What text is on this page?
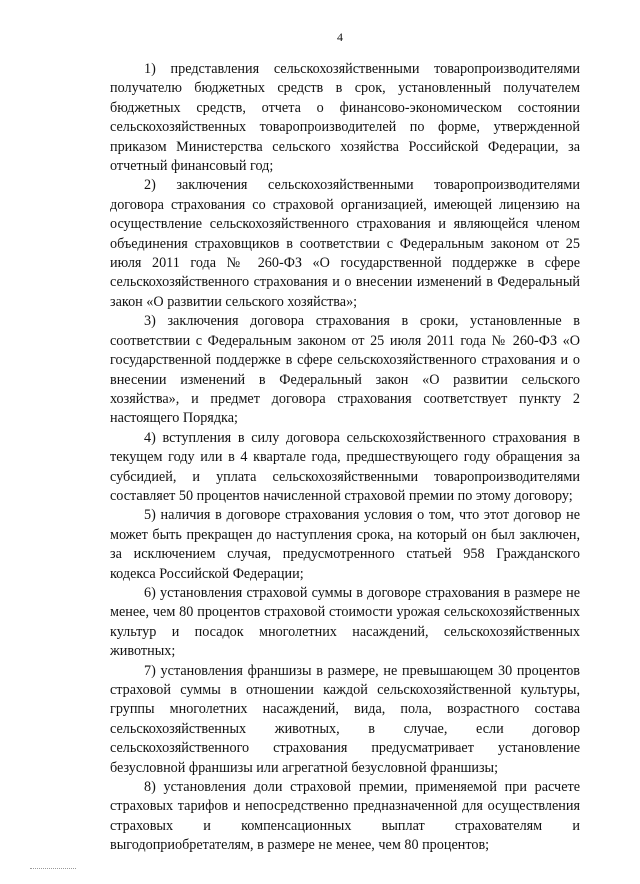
4

1) представления сельскохозяйственными товаропроизводителями получателю бюджетных средств в срок, установленный получателем бюджетных средств, отчета о финансово-экономическом состоянии сельскохозяйственных товаропроизводителей по форме, утвержденной приказом Министерства сельского хозяйства Российской Федерации, за отчетный финансовый год;

2) заключения сельскохозяйственными товаропроизводителями договора страхования со страховой организацией, имеющей лицензию на осуществление сельскохозяйственного страхования и являющейся членом объединения страховщиков в соответствии с Федеральным законом от 25 июля 2011 года № 260-ФЗ «О государственной поддержке в сфере сельскохозяйственного страхования и о внесении изменений в Федеральный закон «О развитии сельского хозяйства»;

3) заключения договора страхования в сроки, установленные в соответствии с Федеральным законом от 25 июля 2011 года № 260-ФЗ «О государственной поддержке в сфере сельскохозяйственного страхования и о внесении изменений в Федеральный закон «О развитии сельского хозяйства», и предмет договора страхования соответствует пункту 2 настоящего Порядка;

4) вступления в силу договора сельскохозяйственного страхования в текущем году или в 4 квартале года, предшествующего году обращения за субсидией, и уплата сельскохозяйственными товаропроизводителями составляет 50 процентов начисленной страховой премии по этому договору;

5) наличия в договоре страхования условия о том, что этот договор не может быть прекращен до наступления срока, на который он был заключен, за исключением случая, предусмотренного статьей 958 Гражданского кодекса Российской Федерации;

6) установления страховой суммы в договоре страхования в размере не менее, чем 80 процентов страховой стоимости урожая сельскохозяйственных культур и посадок многолетних насаждений, сельскохозяйственных животных;

7) установления франшизы в размере, не превышающем 30 процентов страховой суммы в отношении каждой сельскохозяйственной культуры, группы многолетних насаждений, вида, пола, возрастного состава сельскохозяйственных животных, в случае, если договор сельскохозяйственного страхования предусматривает установление безусловной франшизы или агрегатной безусловной франшизы;

8) установления доли страховой премии, применяемой при расчете страховых тарифов и непосредственно предназначенной для осуществления страховых и компенсационных выплат страхователям и выгодоприобретателям, в размере не менее, чем 80 процентов;
